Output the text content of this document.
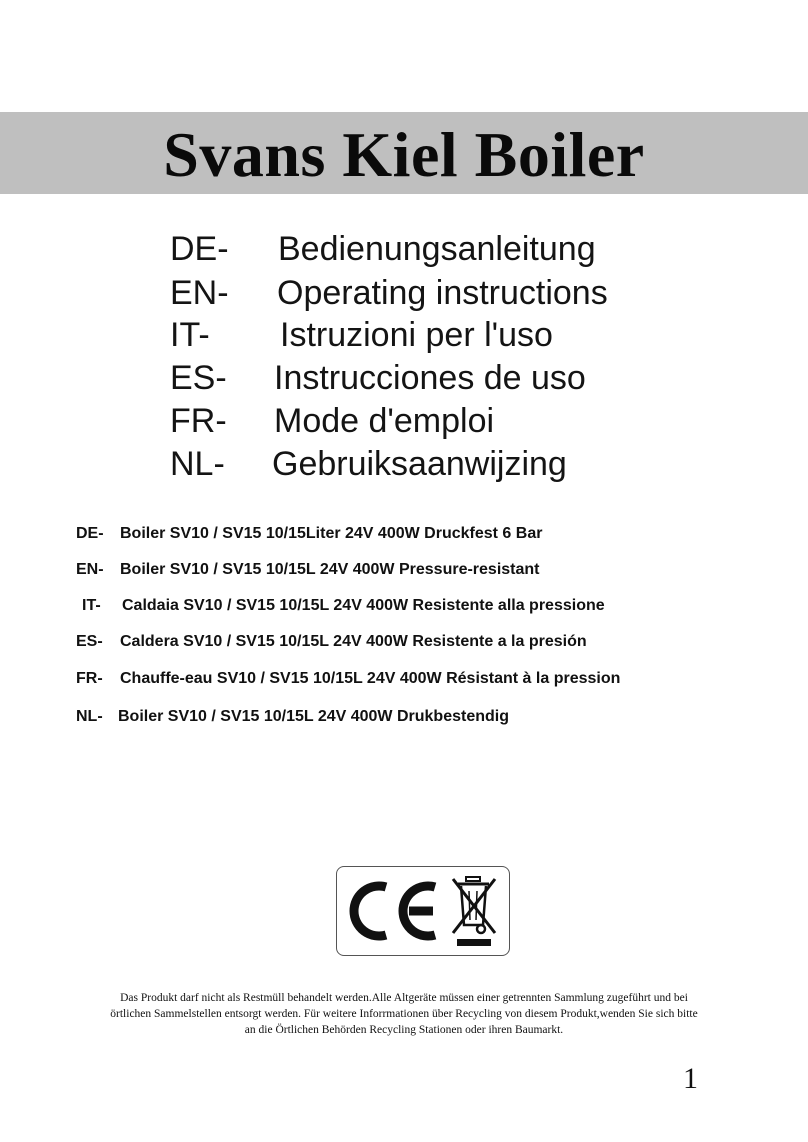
Svans Kiel Boiler
DE- Bedienungsanleitung
EN- Operating instructions
IT- Istruzioni per l'uso
ES- Instrucciones de uso
FR- Mode d'emploi
NL- Gebruiksaanwijzing
DE- Boiler SV10 / SV15 10/15Liter 24V 400W Druckfest 6 Bar
EN- Boiler SV10 / SV15 10/15L 24V 400W Pressure-resistant
IT- Caldaia SV10 / SV15 10/15L 24V 400W Resistente alla pressione
ES- Caldera SV10 / SV15 10/15L 24V 400W Resistente a la presión
FR- Chauffe-eau SV10 / SV15 10/15L 24V 400W Résistant à la pression
NL- Boiler SV10 / SV15 10/15L 24V 400W Drukbestendig
Das Produkt darf nicht als Restmüll behandelt werden.Alle Altgeräte müssen einer getrennten Sammlung zugeführt und bei
örtlichen Sammelstellen entsorgt werden. Für weitere Inforrmationen über Recycling von diesem Produkt,wenden Sie sich bitte
an die Örtlichen Behörden Recycling Stationen oder ihren Baumarkt.
1
